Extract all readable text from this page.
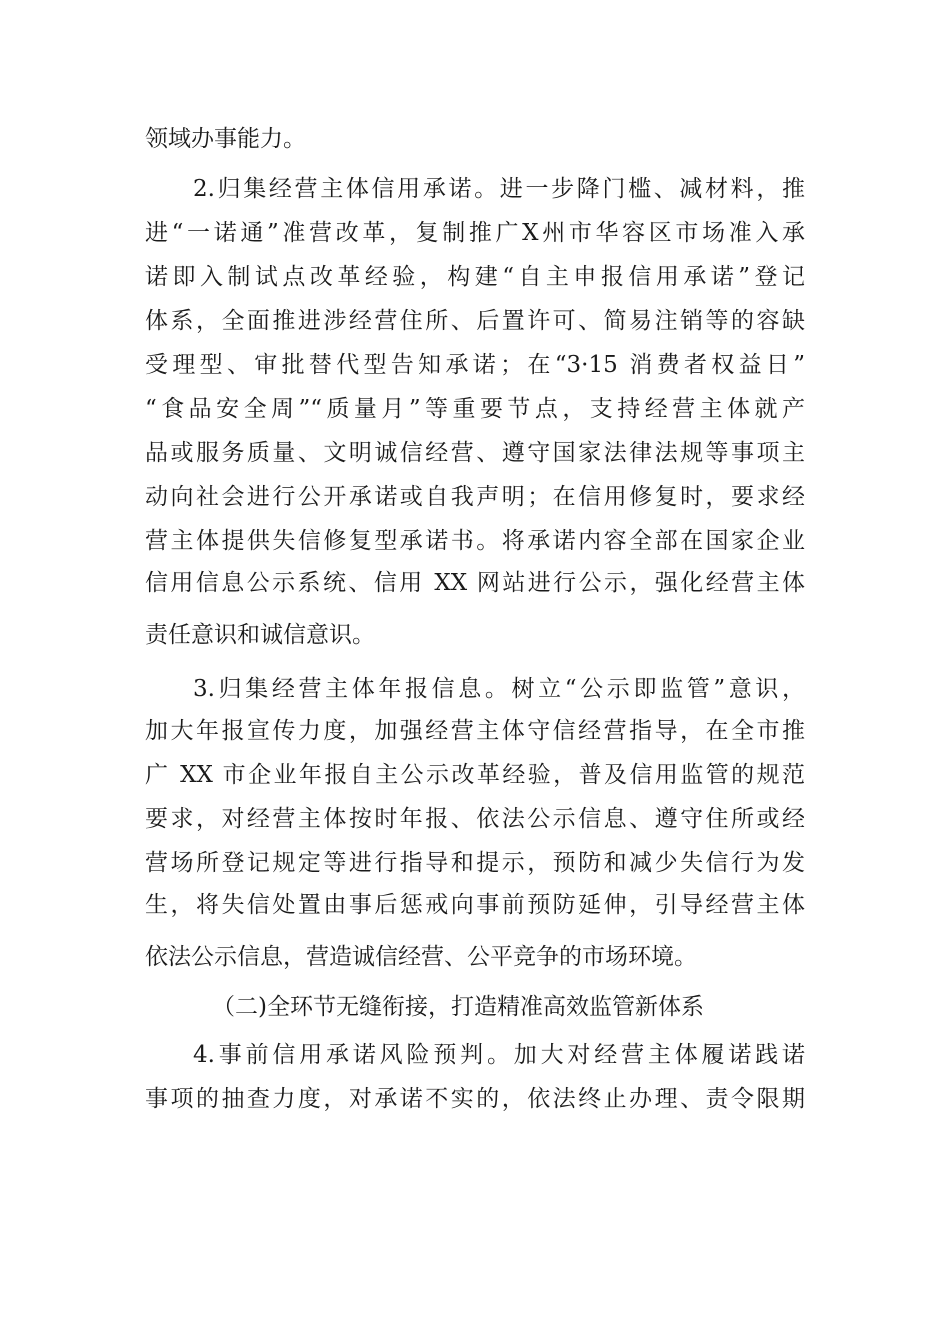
领域办事能力。
2.归集经营主体信用承诺。进一步降门槛、减材料，推
进“一诺通”准营改革，复制推广X州市华容区市场准入承
诺即入制试点改革经验，构建“自主申报信用承诺”登记
体系，全面推进涉经营住所、后置许可、简易注销等的容缺
受理型、审批替代型告知承诺；在“3·15 消费者权益日”
“食品安全周”“质量月”等重要节点，支持经营主体就产
品或服务质量、文明诚信经营、遵守国家法律法规等事项主
动向社会进行公开承诺或自我声明；在信用修复时，要求经
营主体提供失信修复型承诺书。将承诺内容全部在国家企业
信用信息公示系统、信用 XX 网站进行公示，强化经营主体
责任意识和诚信意识。
3.归集经营主体年报信息。树立“公示即监管”意识，
加大年报宣传力度，加强经营主体守信经营指导，在全市推
广 XX 市企业年报自主公示改革经验，普及信用监管的规范
要求，对经营主体按时年报、依法公示信息、遵守住所或经
营场所登记规定等进行指导和提示，预防和减少失信行为发
生，将失信处置由事后惩戒向事前预防延伸，引导经营主体
依法公示信息，营造诚信经营、公平竞争的市场环境。
（二)全环节无缝衔接，打造精准高效监管新体系
4.事前信用承诺风险预判。加大对经营主体履诺践诺
事项的抽查力度，对承诺不实的，依法终止办理、责令限期
